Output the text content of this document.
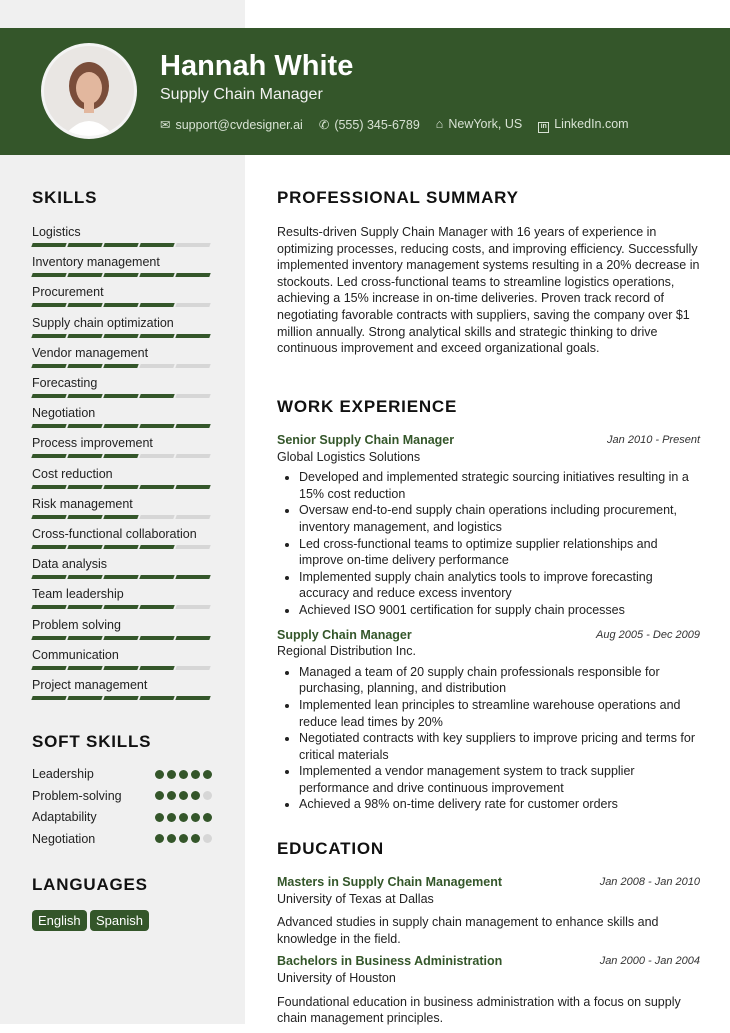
Hannah White
Supply Chain Manager
✉ support@cvdesigner.ai ✆ (555) 345-6789 ⌂ NewYork, US	in LinkedIn.com
SKILLS
Logistics
Inventory management
Procurement
Supply chain optimization
Vendor management
Forecasting
Negotiation
Process improvement
Cost reduction
Risk management
Cross-functional collaboration
Data analysis
Team leadership
Problem solving
Communication
Project management
SOFT SKILLS
Leadership
Problem-solving
Adaptability
Negotiation
LANGUAGES
English	Spanish
PROFESSIONAL SUMMARY

Results-driven Supply Chain Manager with 16 years of experience in optimizing processes, reducing costs, and improving efficiency. Successfully implemented inventory management systems resulting in a 20% decrease in stockouts. Led cross-functional teams to streamline logistics operations, achieving a 15% increase in on-time deliveries. Proven track record of negotiating favorable contracts with suppliers, saving the company over $1 million annually. Strong analytical skills and strategic thinking to drive continuous improvement and exceed organizational goals.

WORK EXPERIENCE
Senior Supply Chain Manager	Jan 2010 - Present
Global Logistics Solutions
• Developed and implemented strategic sourcing initiatives resulting in a 15% cost reduction
• Oversaw end-to-end supply chain operations including procurement, inventory management, and logistics
• Led cross-functional teams to optimize supplier relationships and improve on-time delivery performance
• Implemented supply chain analytics tools to improve forecasting accuracy and reduce excess inventory
• Achieved ISO 9001 certification for supply chain processes
Supply Chain Manager	Aug 2005 - Dec 2009
Regional Distribution Inc.
• Managed a team of 20 supply chain professionals responsible for purchasing, planning, and distribution
• Implemented lean principles to streamline warehouse operations and reduce lead times by 20%
• Negotiated contracts with key suppliers to improve pricing and terms for critical materials
• Implemented a vendor management system to track supplier performance and drive continuous improvement
• Achieved a 98% on-time delivery rate for customer orders
EDUCATION
Masters in Supply Chain Management	Jan 2008 - Jan 2010
University of Texas at Dallas
Advanced studies in supply chain management to enhance skills and knowledge in the field.
Bachelors in Business Administration	Jan 2000 - Jan 2004
University of Houston
Foundational education in business administration with a focus on supply chain management principles.
